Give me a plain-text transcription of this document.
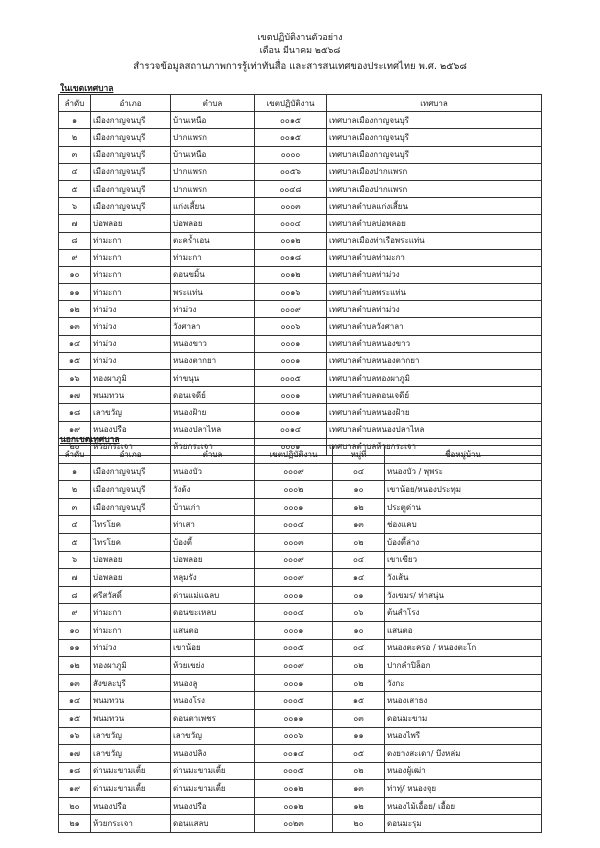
เขตปฏิบัติงานตัวอย่าง
เดือน มีนาคม ๒๕๖๘
สำรวจข้อมูลสถานภาพการรู้เท่าทันสื่อ และสารสนเทศของประเทศไทย พ.ศ. ๒๕๖๘
ในเขตเทศบาล
ลำดับ	อำเภอ	ตำบล	เขตปฏิบัติงาน	เทศบาล
๑	เมืองกาญจนบุรี	บ้านเหนือ	๐๐๑๕	เทศบาลเมืองกาญจนบุรี
๒	เมืองกาญจนบุรี	ปากแพรก	๐๐๑๕	เทศบาลเมืองกาญจนบุรี
๓	เมืองกาญจนบุรี	บ้านเหนือ	๐๐๐๐	เทศบาลเมืองกาญจนบุรี
๔	เมืองกาญจนบุรี	ปากแพรก	๐๐๕๖	เทศบาลเมืองปากแพรก
๕	เมืองกาญจนบุรี	ปากแพรก	๐๐๔๘	เทศบาลเมืองปากแพรก
๖	เมืองกาญจนบุรี	แก่งเสี้ยน	๐๐๐๓	เทศบาลตำบลแก่งเสี้ยน
๗	บ่อพลอย	บ่อพลอย	๐๐๐๔	เทศบาลตำบลบ่อพลอย
๘	ท่ามะกา	ตะคร้ำเอน	๐๐๑๒	เทศบาลเมืองท่าเรือพระแท่น
๙	ท่ามะกา	ท่ามะกา	๐๐๑๘	เทศบาลตำบลท่ามะกา
๑๐	ท่ามะกา	ดอนขมิ้น	๐๐๑๒	เทศบาลตำบลท่าม่วง
๑๑	ท่ามะกา	พระแท่น	๐๐๑๖	เทศบาลตำบลพระแท่น
๑๒	ท่าม่วง	ท่าม่วง	๐๐๐๙	เทศบาลตำบลท่าม่วง
๑๓	ท่าม่วง	วังศาลา	๐๐๐๖	เทศบาลตำบลวังศาลา
๑๔	ท่าม่วง	หนองขาว	๐๐๐๑	เทศบาลตำบลหนองขาว
๑๕	ท่าม่วง	หนองตากยา	๐๐๐๑	เทศบาลตำบลหนองตากยา
๑๖	ทองผาภูมิ	ท่าขนุน	๐๐๐๕	เทศบาลตำบลทองผาภูมิ
๑๗	พนมทวน	ดอนเจดีย์	๐๐๐๑	เทศบาลตำบลดอนเจดีย์
๑๘	เลาขวัญ	หนองฝ้าย	๐๐๐๑	เทศบาลตำบลหนองฝ้าย
๑๙	หนองปรือ	หนองปลาไหล	๐๐๑๔	เทศบาลตำบลหนองปลาไหล
๒๐	ห้วยกระเจา	ห้วยกระเจา	๐๐๐๑	เทศบาลตำบลห้วยกระเจา
นอกเขตเทศบาล
ลำดับ	อำเภอ	ตำบล	เขตปฏิบัติงาน	หมู่ที่	ชื่อหมู่บ้าน
๑	เมืองกาญจนบุรี	หนองบัว	๐๐๐๙	๐๔	หนองบัว / พุพระ
๒	เมืองกาญจนบุรี	วังด้ง	๐๐๐๒	๑๐	เขาน้อย/หนองประทุม
๓	เมืองกาญจนบุรี	บ้านเก่า	๐๐๐๑	๑๒	ประตูด่าน
๔	ไทรโยค	ท่าเสา	๐๐๐๔	๑๓	ช่องแคบ
๕	ไทรโยค	บ้องตี้	๐๐๐๓	๐๒	บ้องตี้ล่าง
๖	บ่อพลอย	บ่อพลอย	๐๐๐๙	๐๔	เขาเขียว
๗	บ่อพลอย	หลุมรัง	๐๐๐๙	๑๔	วังเส้น
๘	ศรีสวัสดิ์	ด่านแม่แฉลบ	๐๐๐๑	๐๑	วังเขมร/ ท่าสนุ่น
๙	ท่ามะกา	ดอนขะเหลบ	๐๐๐๔	๐๖	ต้นสำโรง
๑๐	ท่ามะกา	แสนตอ	๐๐๐๑	๑๐	แสนตอ
๑๑	ท่าม่วง	เขาน้อย	๐๐๐๕	๐๔	หนองตะครอ / หนองตะโก
๑๒	ทองผาภูมิ	ห้วยเขย่ง	๐๐๐๙	๐๒	ปากลำปิล็อก
๑๓	สังขละบุรี	หนองลู	๐๐๐๑	๐๒	วังกะ
๑๔	พนมทวน	หนองโรง	๐๐๐๕	๑๕	หนองเสาธง
๑๕	พนมทวน	ดอนตาเพชร	๐๐๑๑	๐๓	ดอนมะขาม
๑๖	เลาขวัญ	เลาขวัญ	๐๐๐๖	๑๑	หนองไพรี
๑๗	เลาขวัญ	หนองปลิง	๐๐๑๔	๐๕	ดงยางสะเดา/ บึงหล่ม
๑๘	ด่านมะขามเตี้ย	ด่านมะขามเตี้ย	๐๐๐๕	๐๒	หนองผู้เฒ่า
๑๙	ด่านมะขามเตี้ย	ด่านมะขามเตี้ย	๐๐๑๒	๑๓	ท่าทุ่/ หนองจุย
๒๐	หนองปรือ	หนองปรือ	๐๐๑๒	๑๒	หนองไม้เอื้อย/ เอื้อย
๒๑	ห้วยกระเจา	ดอนแสลบ	๐๐๒๓	๒๐	ดอนมะรุม
